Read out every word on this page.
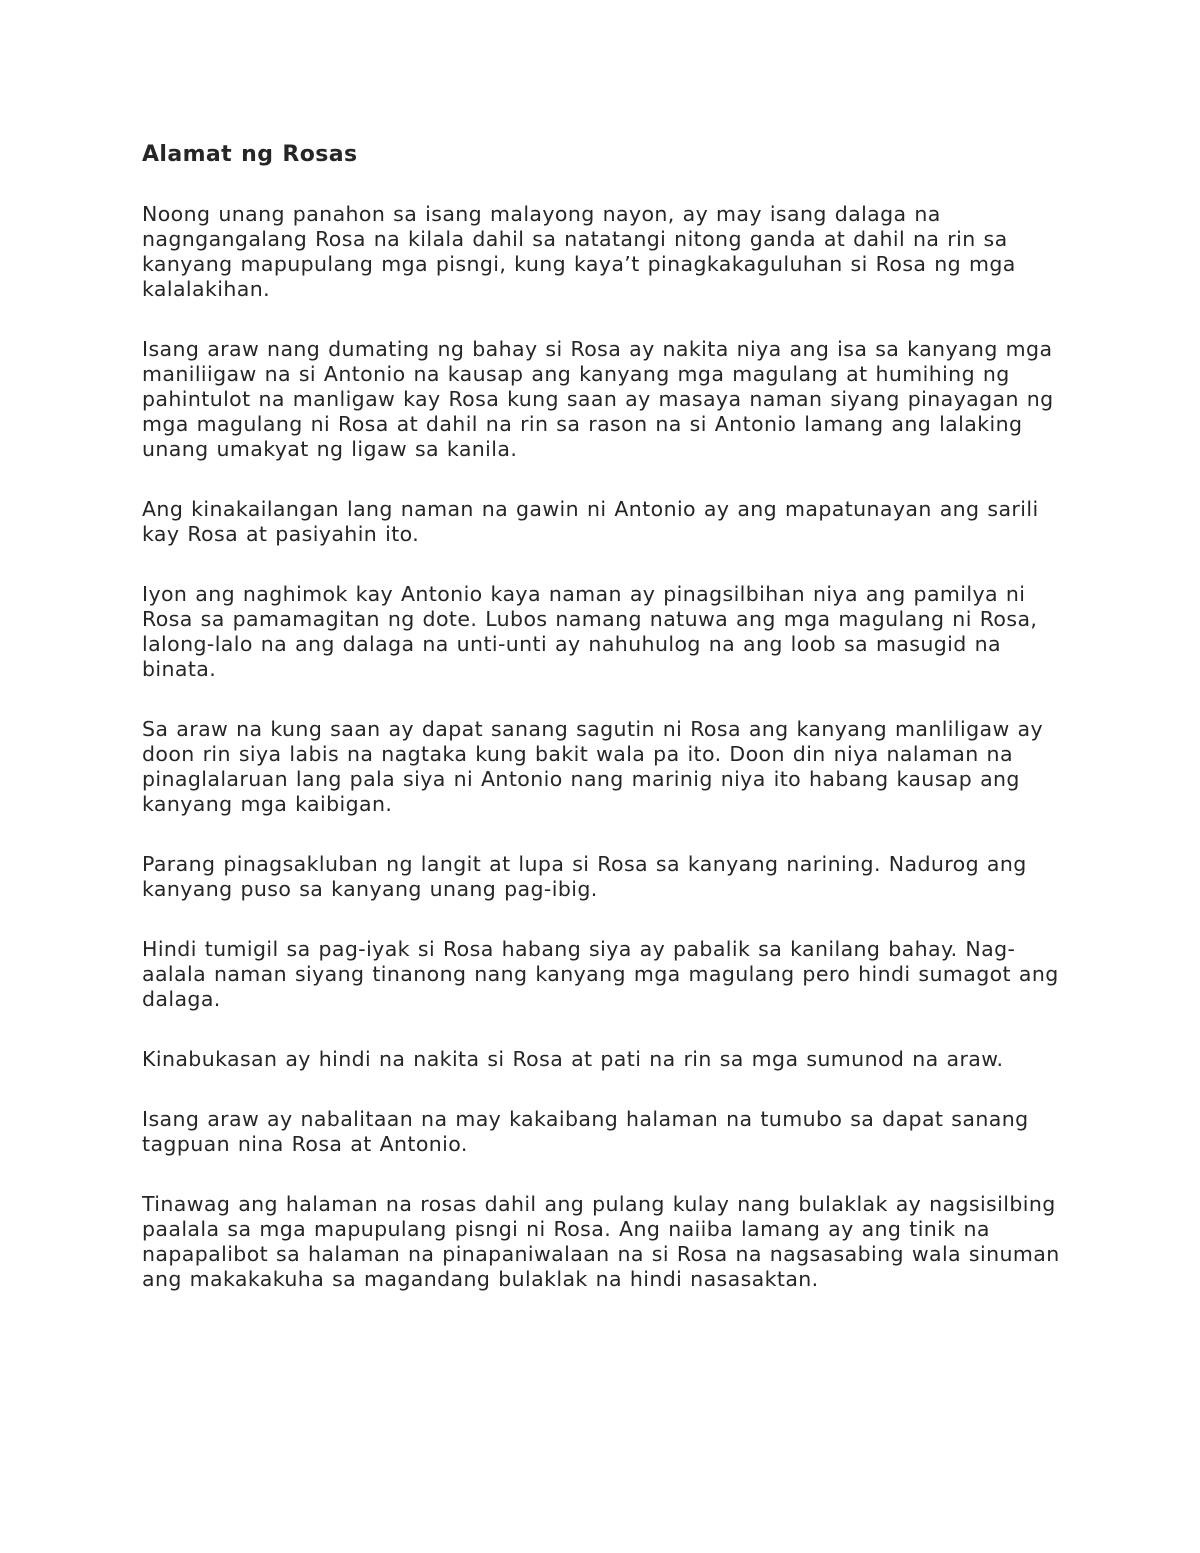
Alamat ng Rosas

Noong unang panahon sa isang malayong nayon, ay may isang dalaga na nagngangalang Rosa na kilala dahil sa natatangi nitong ganda at dahil na rin sa kanyang mapupulang mga pisngi, kung kaya’t pinagkakaguluhan si Rosa ng mga kalalakihan.

Isang araw nang dumating ng bahay si Rosa ay nakita niya ang isa sa kanyang mga maniliigaw na si Antonio na kausap ang kanyang mga magulang at humihing ng pahintulot na manligaw kay Rosa kung saan ay masaya naman siyang pinayagan ng mga magulang ni Rosa at dahil na rin sa rason na si Antonio lamang ang lalaking unang umakyat ng ligaw sa kanila.

Ang kinakailangan lang naman na gawin ni Antonio ay ang mapatunayan ang sarili kay Rosa at pasiyahin ito.

Iyon ang naghimok kay Antonio kaya naman ay pinagsilbihan niya ang pamilya ni Rosa sa pamamagitan ng dote. Lubos namang natuwa ang mga magulang ni Rosa, lalong-lalo na ang dalaga na unti-unti ay nahuhulog na ang loob sa masugid na binata.

Sa araw na kung saan ay dapat sanang sagutin ni Rosa ang kanyang manliligaw ay doon rin siya labis na nagtaka kung bakit wala pa ito. Doon din niya nalaman na pinaglalaruan lang pala siya ni Antonio nang marinig niya ito habang kausap ang kanyang mga kaibigan.

Parang pinagsakluban ng langit at lupa si Rosa sa kanyang narining. Nadurog ang kanyang puso sa kanyang unang pag-ibig.

Hindi tumigil sa pag-iyak si Rosa habang siya ay pabalik sa kanilang bahay. Nag-aalala naman siyang tinanong nang kanyang mga magulang pero hindi sumagot ang dalaga.

Kinabukasan ay hindi na nakita si Rosa at pati na rin sa mga sumunod na araw.

Isang araw ay nabalitaan na may kakaibang halaman na tumubo sa dapat sanang tagpuan nina Rosa at Antonio.

Tinawag ang halaman na rosas dahil ang pulang kulay nang bulaklak ay nagsisilbing paalala sa mga mapupulang pisngi ni Rosa. Ang naiiba lamang ay ang tinik na napapalibot sa halaman na pinapaniwalaan na si Rosa na nagsasabing wala sinuman ang makakakuha sa magandang bulaklak na hindi nasasaktan.
